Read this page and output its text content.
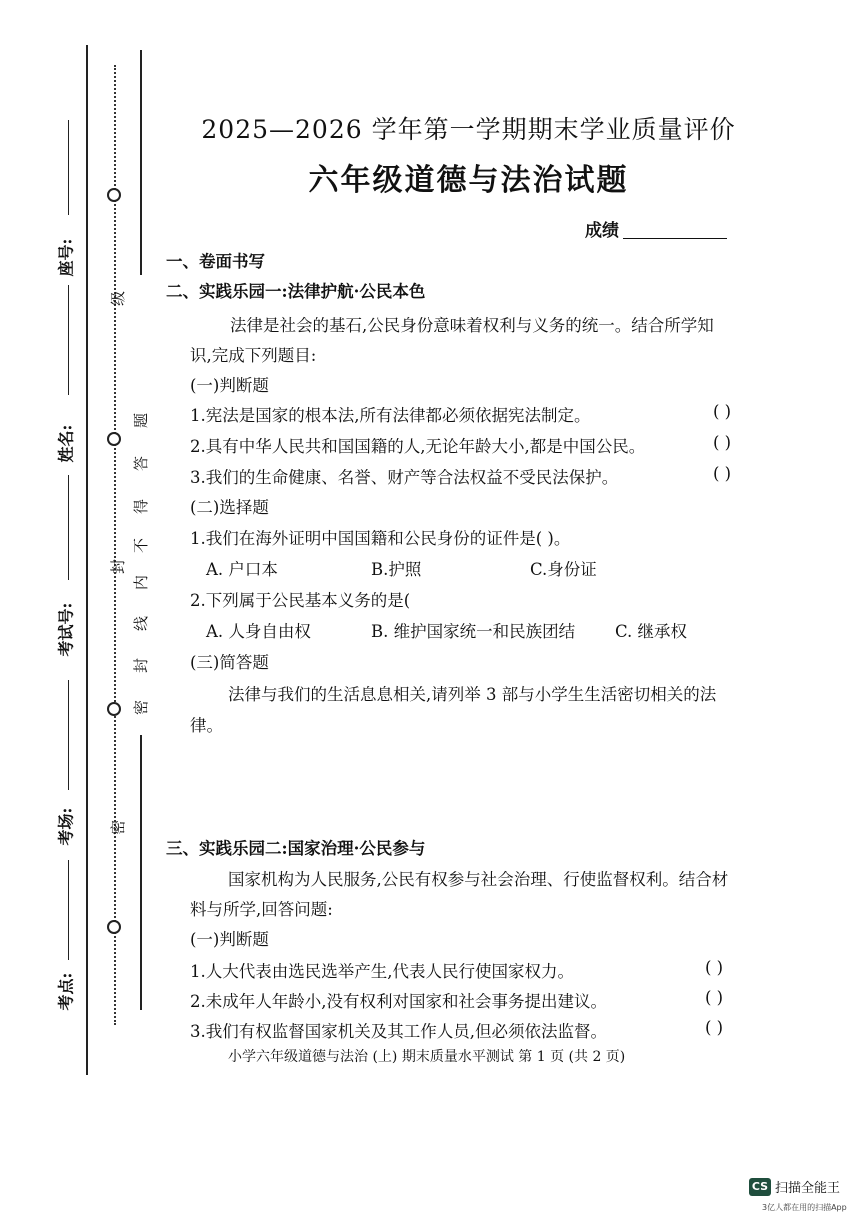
座号:
姓名:
考试号:
考场:
考点:
级
封
密
密
封
线
内
不
得
答
题
2025—2026 学年第一学期期末学业质量评价
六年级道德与法治试题
成绩
一、卷面书写
二、实践乐园一:法律护航·公民本色
法律是社会的基石,公民身份意味着权利与义务的统一。结合所学知
识,完成下列题目:
(一)判断题
1.宪法是国家的根本法,所有法律都必须依据宪法制定。	( )
2.具有中华人民共和国国籍的人,无论年龄大小,都是中国公民。	( )
3.我们的生命健康、名誉、财产等合法权益不受民法保护。	( )
(二)选择题
1.我们在海外证明中国国籍和公民身份的证件是( )。
A. 户口本	B.护照	C.身份证
2.下列属于公民基本义务的是(
A. 人身自由权	B. 维护国家统一和民族团结 C. 继承权
(三)简答题
法律与我们的生活息息相关,请列举 3 部与小学生生活密切相关的法
律。
三、实践乐园二:国家治理·公民参与
国家机构为人民服务,公民有权参与社会治理、行使监督权利。结合材
料与所学,回答问题:
(一)判断题
1.人大代表由选民选举产生,代表人民行使国家权力。	( )
2.未成年人年龄小,没有权利对国家和社会事务提出建议。	( )
3.我们有权监督国家机关及其工作人员,但必须依法监督。	( )
小学六年级道德与法治 (上) 期末质量水平测试 第 1 页 (共 2 页)
CS 扫描全能王
3亿人都在用的扫描App
